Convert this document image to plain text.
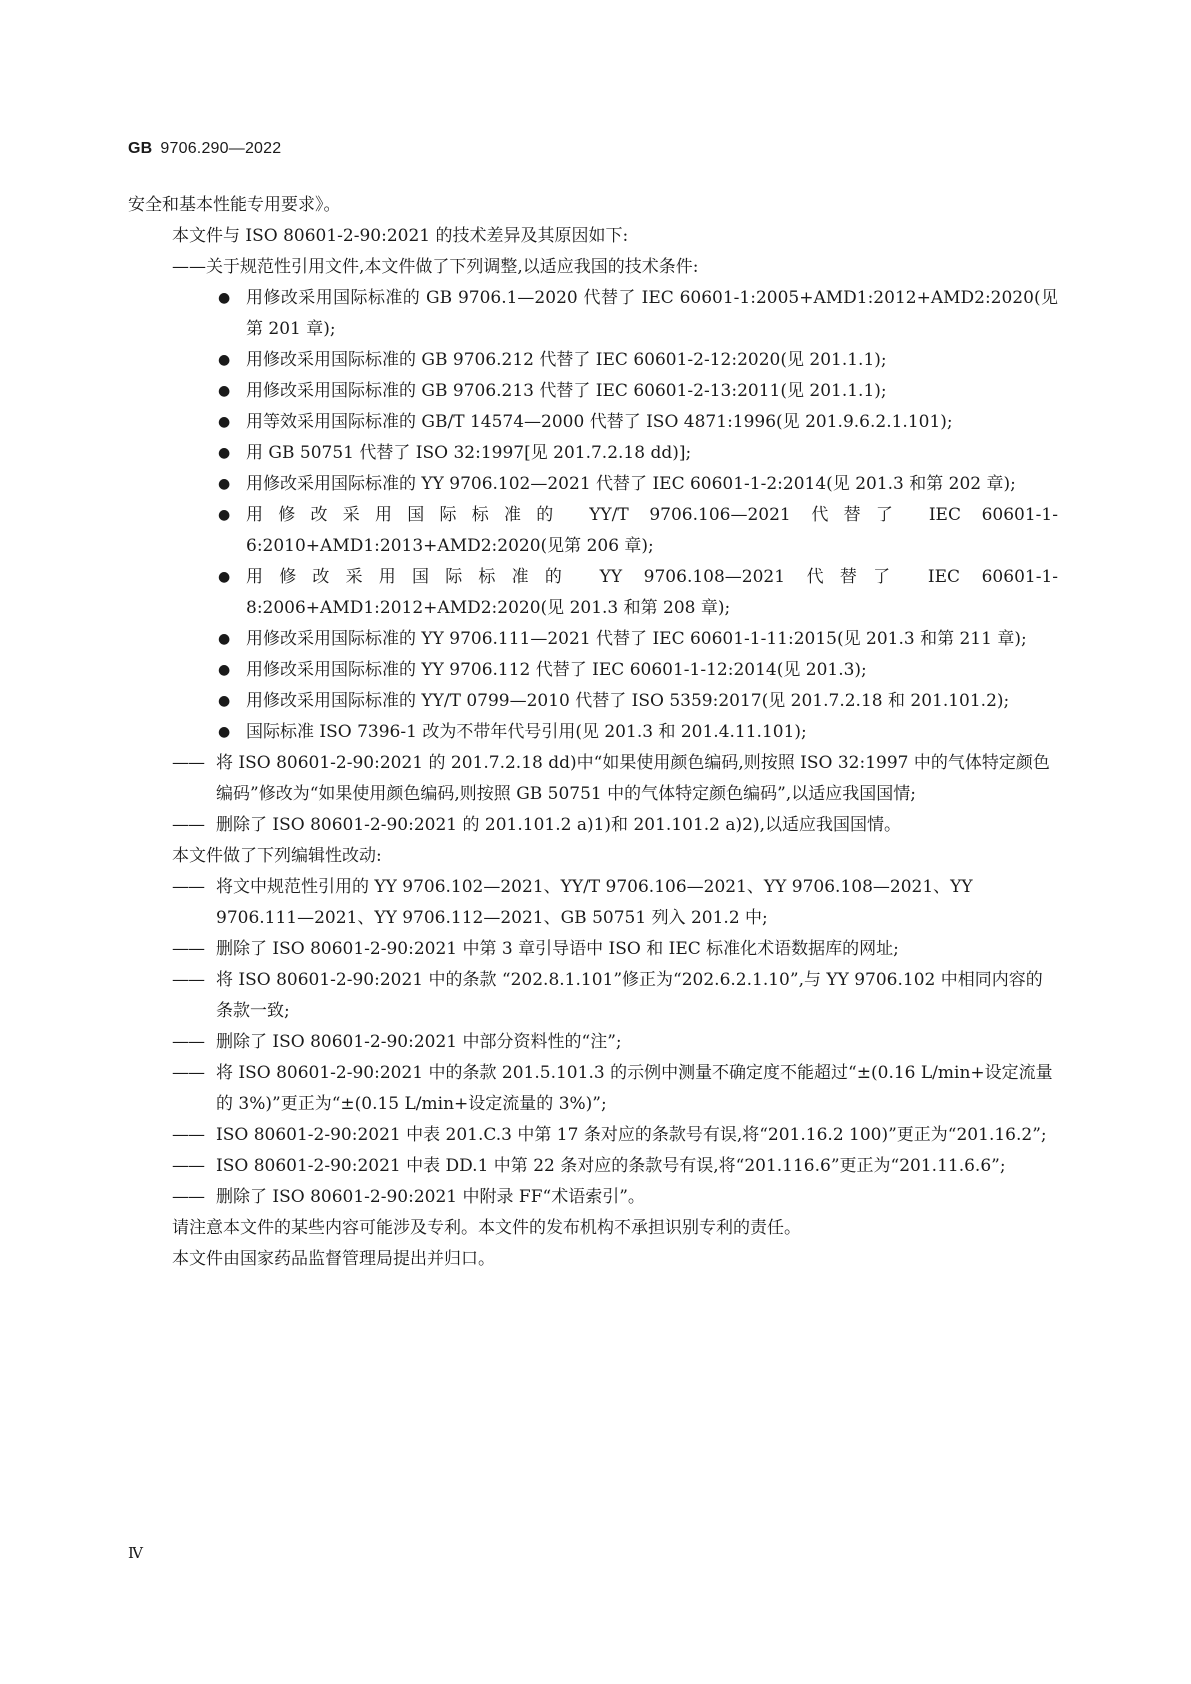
GB 9706.290—2022

安全和基本性能专用要求》。

本文件与 ISO 80601-2-90:2021 的技术差异及其原因如下:

——关于规范性引用文件,本文件做了下列调整,以适应我国的技术条件:

● 用修改采用国际标准的 GB 9706.1—2020 代替了 IEC 60601-1:2005+AMD1:2012+AMD2:2020(见第 201 章);

● 用修改采用国际标准的 GB 9706.212 代替了 IEC 60601-2-12:2020(见 201.1.1);

● 用修改采用国际标准的 GB 9706.213 代替了 IEC 60601-2-13:2011(见 201.1.1);

● 用等效采用国际标准的 GB/T 14574—2000 代替了 ISO 4871:1996(见 201.9.6.2.1.101);

● 用 GB 50751 代替了 ISO 32:1997[见 201.7.2.18 dd)];

● 用修改采用国际标准的 YY 9706.102—2021 代替了 IEC 60601-1-2:2014(见 201.3 和第 202 章);

● 用修改采用国际标准的 YY/T 9706.106—2021 代替了 IEC 60601-1-6:2010+AMD1:2013+AMD2:2020(见第 206 章);

● 用修改采用国际标准的 YY 9706.108—2021 代替了 IEC 60601-1-8:2006+AMD1:2012+AMD2:2020(见 201.3 和第 208 章);

● 用修改采用国际标准的 YY 9706.111—2021 代替了 IEC 60601-1-11:2015(见 201.3 和第 211 章);

● 用修改采用国际标准的 YY 9706.112 代替了 IEC 60601-1-12:2014(见 201.3);

● 用修改采用国际标准的 YY/T 0799—2010 代替了 ISO 5359:2017(见 201.7.2.18 和 201.101.2);

● 国际标准 ISO 7396-1 改为不带年代号引用(见 201.3 和 201.4.11.101);

—— 将 ISO 80601-2-90:2021 的 201.7.2.18 dd)中“如果使用颜色编码,则按照 ISO 32:1997 中的气体特定颜色编码”修改为“如果使用颜色编码,则按照 GB 50751 中的气体特定颜色编码”,以适应我国国情;

—— 删除了 ISO 80601-2-90:2021 的 201.101.2 a)1)和 201.101.2 a)2),以适应我国国情。

本文件做了下列编辑性改动:

—— 将文中规范性引用的 YY 9706.102—2021、YY/T 9706.106—2021、YY 9706.108—2021、YY 9706.111—2021、YY 9706.112—2021、GB 50751 列入 201.2 中;

—— 删除了 ISO 80601-2-90:2021 中第 3 章引导语中 ISO 和 IEC 标准化术语数据库的网址;

—— 将 ISO 80601-2-90:2021 中的条款 “202.8.1.101”修正为“202.6.2.1.10”,与 YY 9706.102 中相同内容的条款一致;

—— 删除了 ISO 80601-2-90:2021 中部分资料性的“注”;

—— 将 ISO 80601-2-90:2021 中的条款 201.5.101.3 的示例中测量不确定度不能超过“±(0.16 L/min+设定流量的 3%)”更正为“±(0.15 L/min+设定流量的 3%)”;

—— ISO 80601-2-90:2021 中表 201.C.3 中第 17 条对应的条款号有误,将“201.16.2 100)”更正为“201.16.2”;

—— ISO 80601-2-90:2021 中表 DD.1 中第 22 条对应的条款号有误,将“201.116.6”更正为“201.11.6.6”;

—— 删除了 ISO 80601-2-90:2021 中附录 FF“术语索引”。

请注意本文件的某些内容可能涉及专利。本文件的发布机构不承担识别专利的责任。

本文件由国家药品监督管理局提出并归口。

Ⅳ
